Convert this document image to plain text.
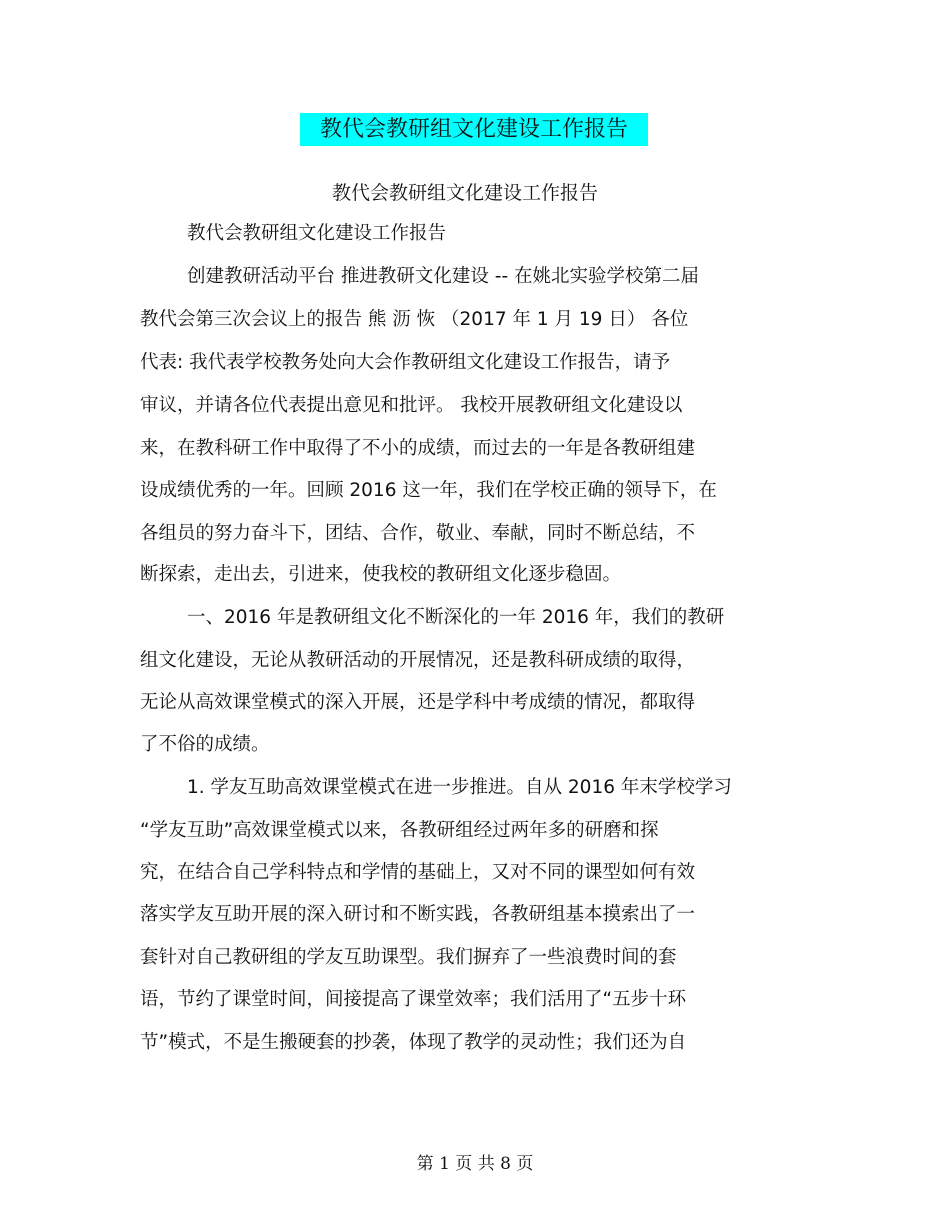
教代会教研组文化建设工作报告
教代会教研组文化建设工作报告
教代会教研组文化建设工作报告
创建教研活动平台 推进教研文化建设 -- 在姚北实验学校第二届
教代会第三次会议上的报告 熊 沥 恢 （2017 年 1 月 19 日） 各位
代表: 我代表学校教务处向大会作教研组文化建设工作报告，请予
审议，并请各位代表提出意见和批评。 我校开展教研组文化建设以
来，在教科研工作中取得了不小的成绩，而过去的一年是各教研组建
设成绩优秀的一年。回顾 2016 这一年，我们在学校正确的领导下，在
各组员的努力奋斗下，团结、合作，敬业、奉献，同时不断总结，不
断探索，走出去，引进来，使我校的教研组文化逐步稳固。
一、2016 年是教研组文化不断深化的一年 2016 年，我们的教研
组文化建设，无论从教研活动的开展情况，还是教科研成绩的取得，
无论从高效课堂模式的深入开展，还是学科中考成绩的情况，都取得
了不俗的成绩。
1. 学友互助高效课堂模式在进一步推进。自从 2016 年末学校学习
“学友互助”高效课堂模式以来，各教研组经过两年多的研磨和探
究，在结合自己学科特点和学情的基础上，又对不同的课型如何有效
落实学友互助开展的深入研讨和不断实践，各教研组基本摸索出了一
套针对自己教研组的学友互助课型。我们摒弃了一些浪费时间的套
语，节约了课堂时间，间接提高了课堂效率；我们活用了“五步十环
节”模式，不是生搬硬套的抄袭，体现了教学的灵动性；我们还为自
第 1 页 共 8 页
